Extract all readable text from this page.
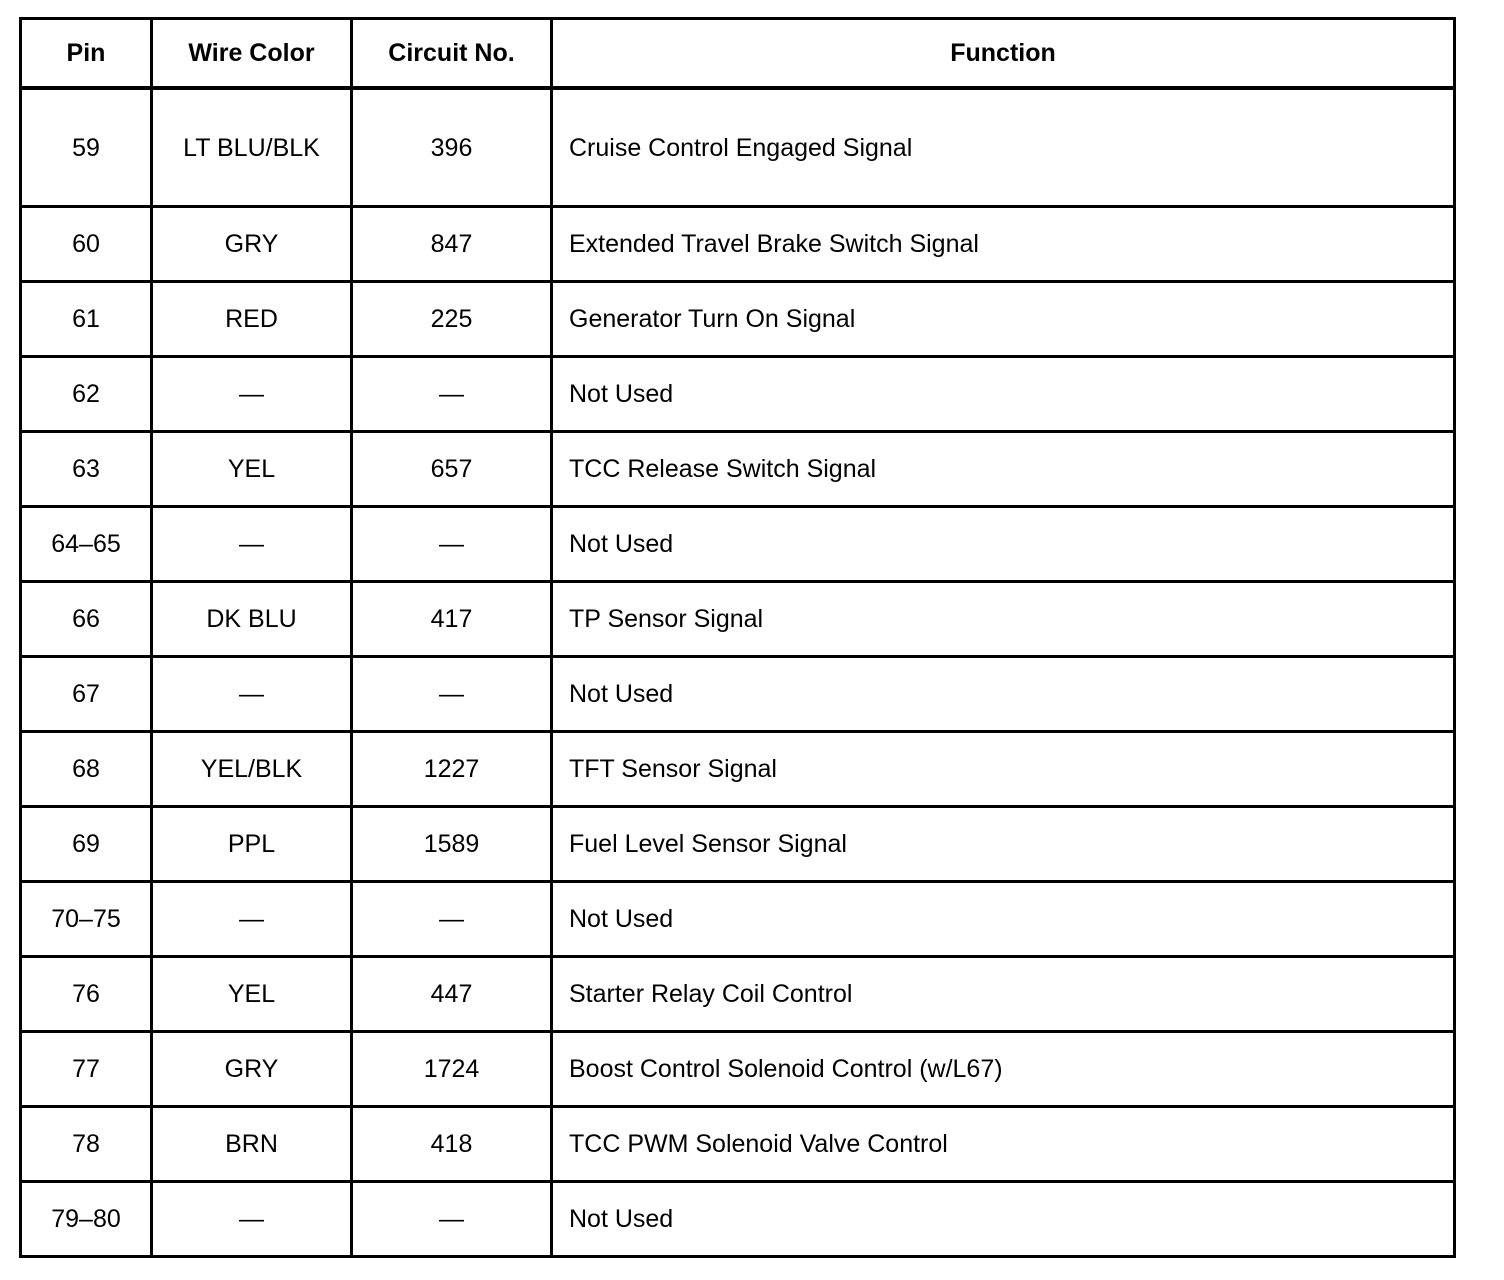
Pin	Wire Color	Circuit No.	Function
59	LT BLU/BLK	396	Cruise Control Engaged Signal
60	GRY	847	Extended Travel Brake Switch Signal
61	RED	225	Generator Turn On Signal
62	—	—	Not Used
63	YEL	657	TCC Release Switch Signal
64–65	—	—	Not Used
66	DK BLU	417	TP Sensor Signal
67	—	—	Not Used
68	YEL/BLK	1227	TFT Sensor Signal
69	PPL	1589	Fuel Level Sensor Signal
70–75	—	—	Not Used
76	YEL	447	Starter Relay Coil Control
77	GRY	1724	Boost Control Solenoid Control (w/L67)
78	BRN	418	TCC PWM Solenoid Valve Control
79–80	—	—	Not Used
